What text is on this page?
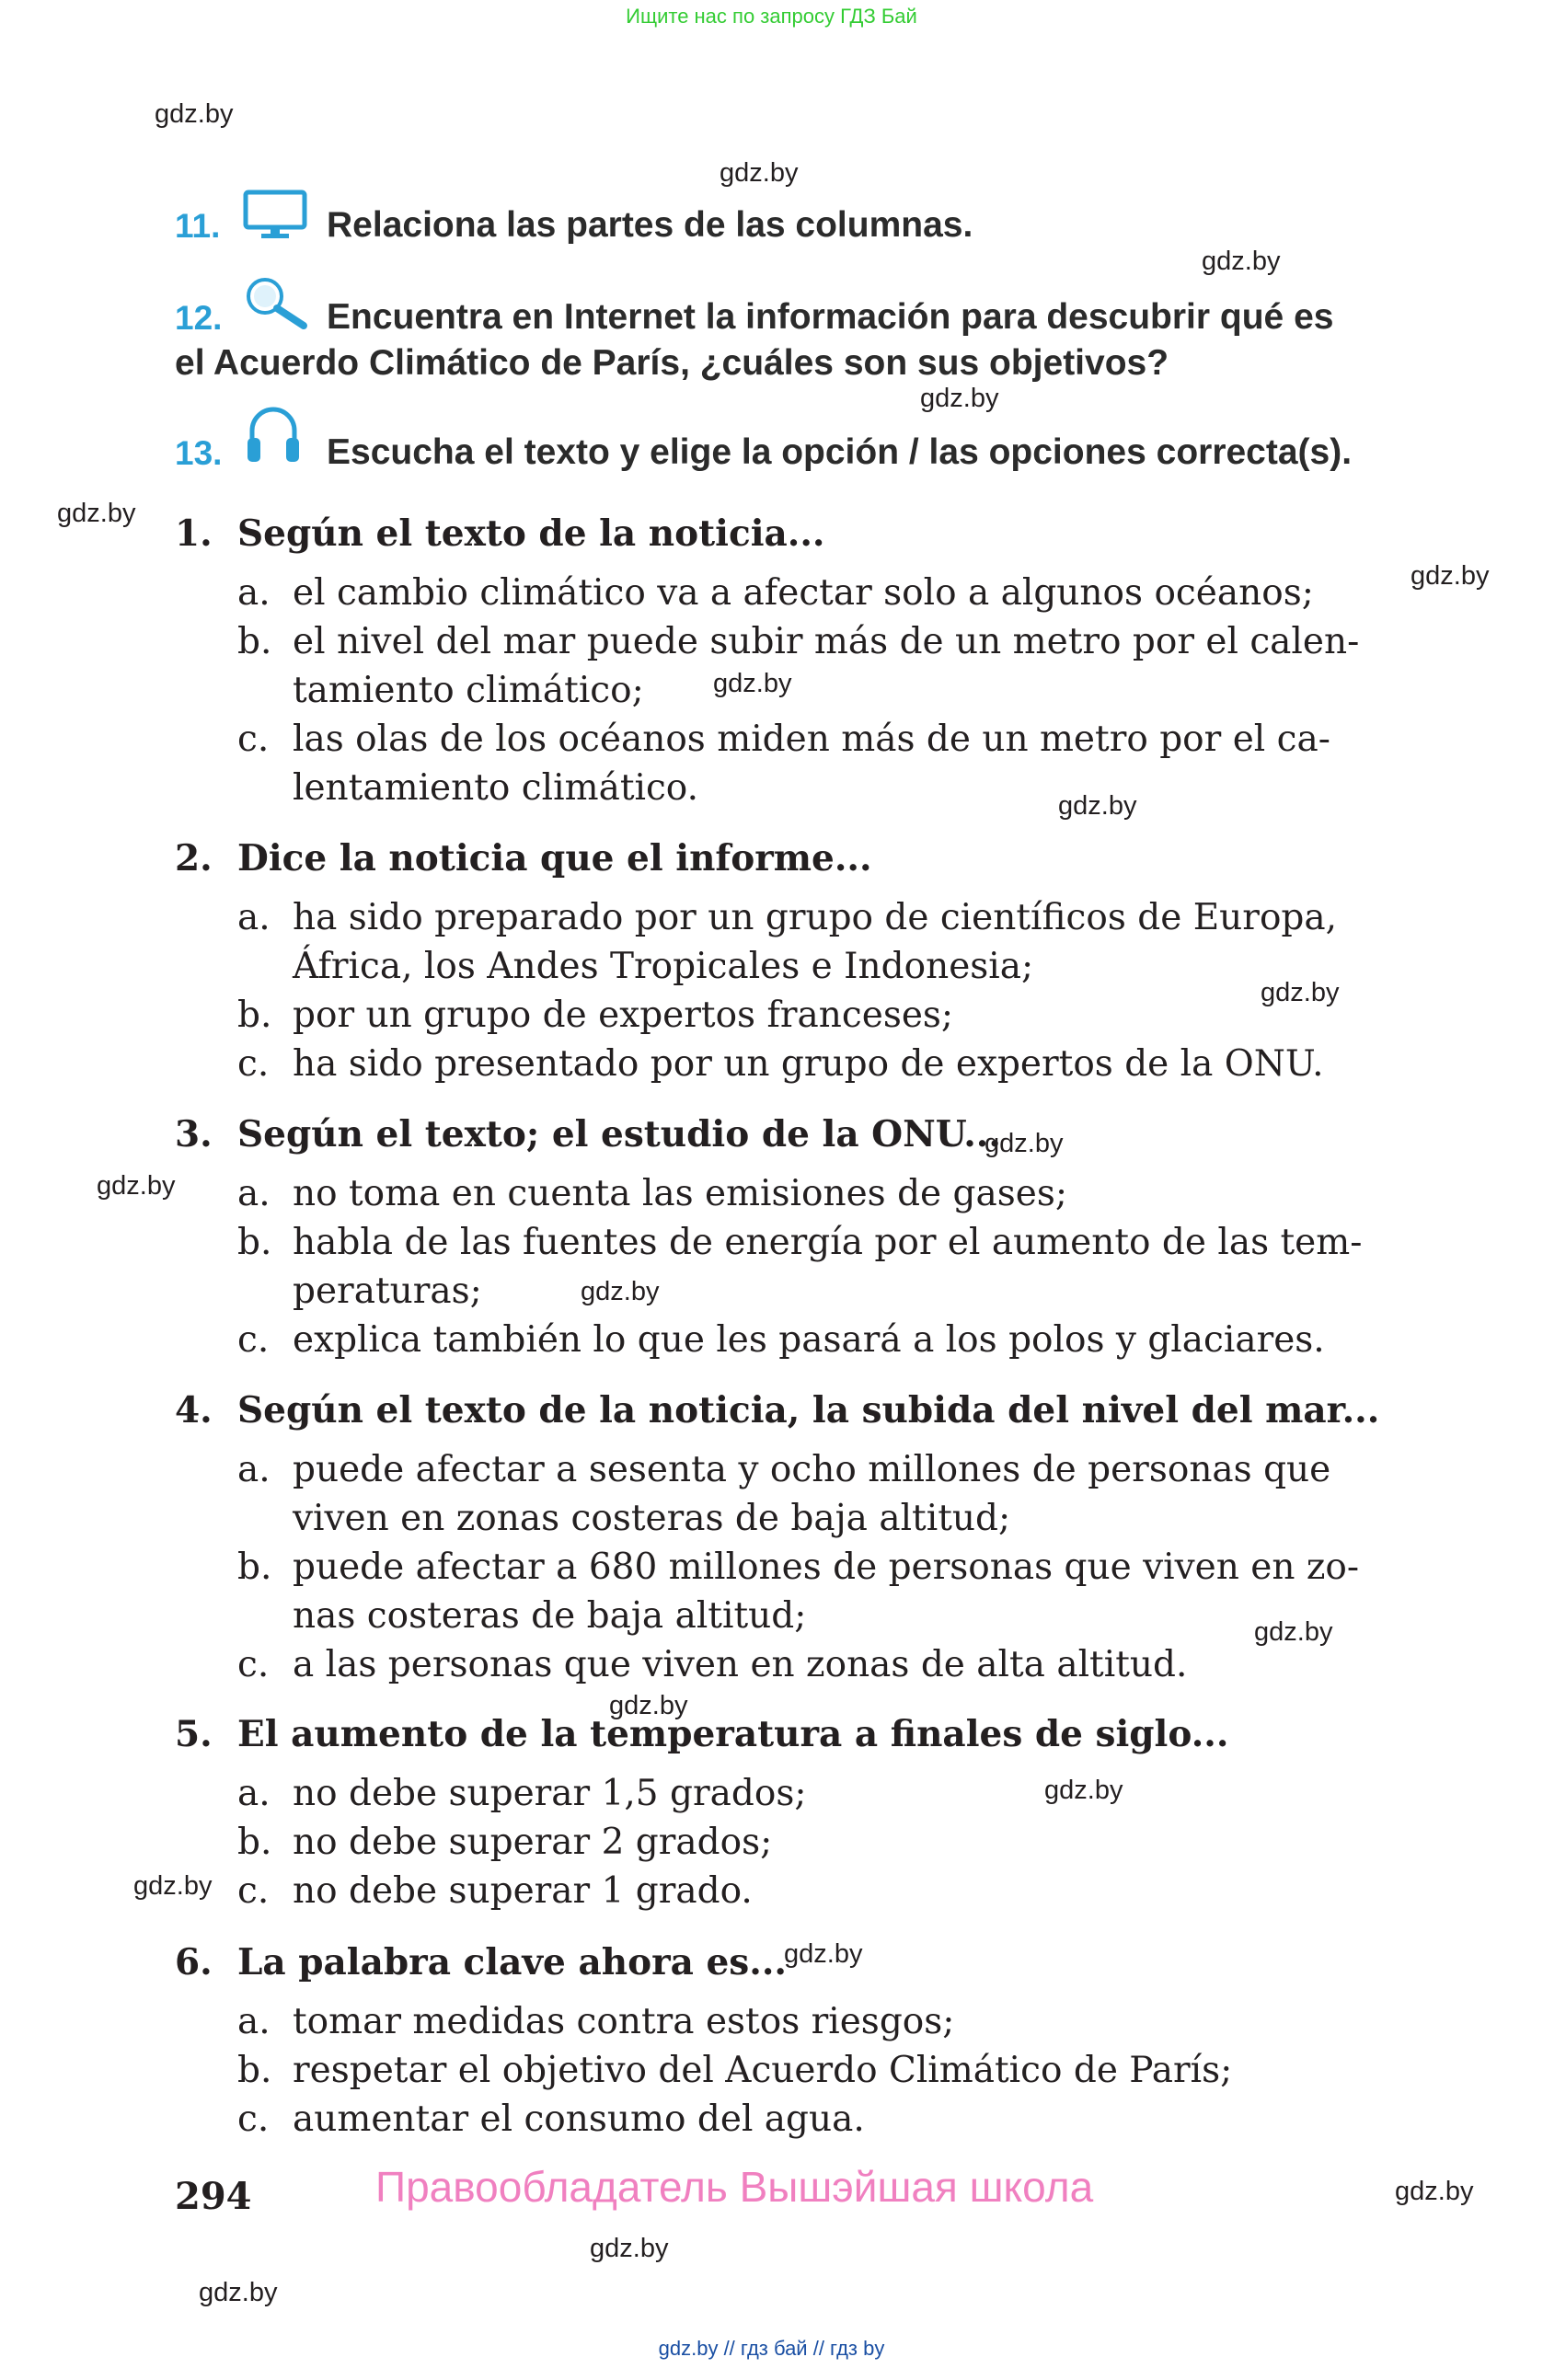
Ищите нас по запросу ГДЗ Бай
gdz.by
gdz.by
gdz.by
gdz.by
gdz.by
gdz.by
gdz.by
gdz.by
gdz.by
gdz.by
gdz.by
gdz.by
gdz.by
gdz.by
gdz.by
gdz.by
gdz.by
gdz.by
gdz.by
gdz.by
11.	Relaciona las partes de las columnas.
12.	Encuentra en Internet la información para descubrir qué es
el Acuerdo Climático de París, ¿cuáles son sus objetivos?
13.	Escucha el texto y elige la opción / las opciones correcta(s).
1. Según el texto de la noticia...
a. el cambio climático va a afectar solo a algunos océanos;
b. el nivel del mar puede subir más de un metro por el calen-
tamiento climático;
c. las olas de los océanos miden más de un metro por el ca-
lentamiento climático.
2. Dice la noticia que el informe...
a. ha sido preparado por un grupo de científicos de Europa,
África, los Andes Tropicales e Indonesia;
b. por un grupo de expertos franceses;
c. ha sido presentado por un grupo de expertos de la ONU.
3. Según el texto; el estudio de la ONU...
a. no toma en cuenta las emisiones de gases;
b. habla de las fuentes de energía por el aumento de las tem-
peraturas;
c. explica también lo que les pasará a los polos y glaciares.
4. Según el texto de la noticia, la subida del nivel del mar...
a. puede afectar a sesenta y ocho millones de personas que
viven en zonas costeras de baja altitud;
b. puede afectar a 680 millones de personas que viven en zo-
nas costeras de baja altitud;
c. a las personas que viven en zonas de alta altitud.
5. El aumento de la temperatura a finales de siglo...
a. no debe superar 1,5 grados;
b. no debe superar 2 grados;
c. no debe superar 1 grado.
6. La palabra clave ahora es...
a. tomar medidas contra estos riesgos;
b. respetar el objetivo del Acuerdo Climático de París;
c. aumentar el consumo del agua.
294	Правообладатель Вышэйшая школа
gdz.by // гдз бай // гдз by
